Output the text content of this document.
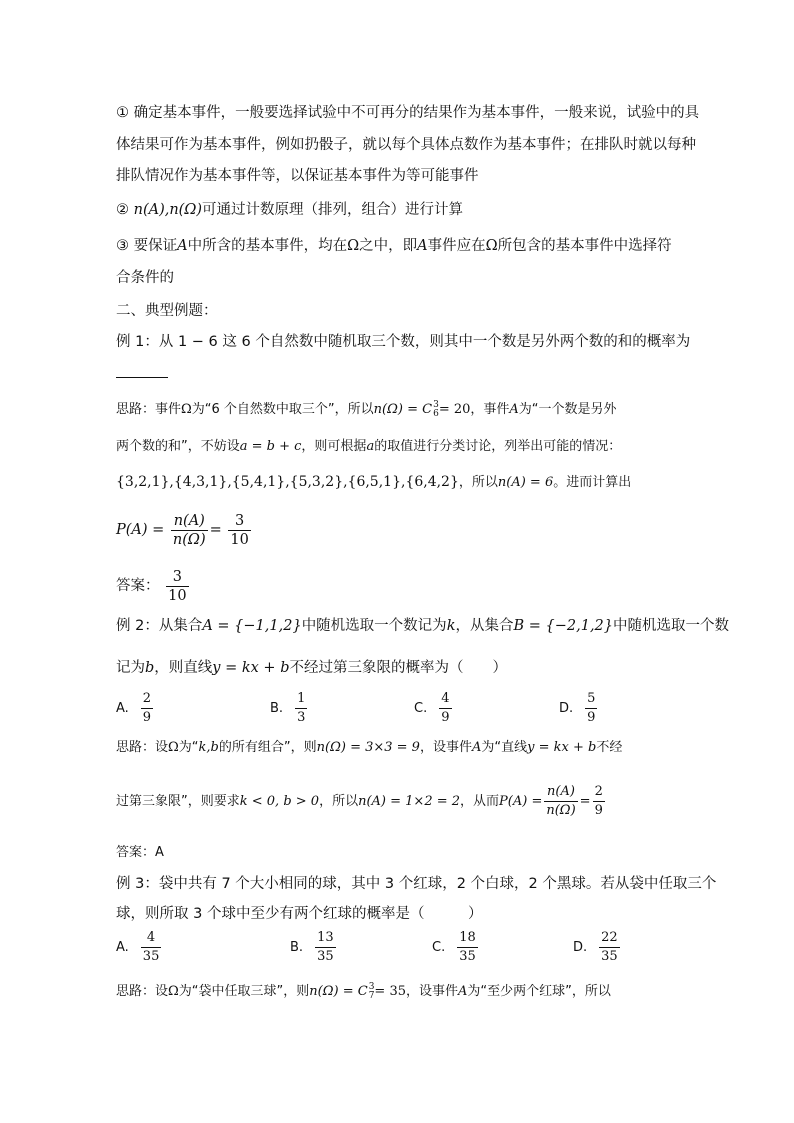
① 确定基本事件，一般要选择试验中不可再分的结果作为基本事件，一般来说，试验中的具
体结果可作为基本事件，例如扔骰子，就以每个具体点数作为基本事件；在排队时就以每种
排队情况作为基本事件等，以保证基本事件为等可能事件
② n(A),n(Ω)可通过计数原理（排列，组合）进行计算
③ 要保证A中所含的基本事件，均在Ω之中，即A事件应在Ω所包含的基本事件中选择符
合条件的
二、典型例题：
例 1：从 1 − 6 这 6 个自然数中随机取三个数，则其中一个数是另外两个数的和的概率为
思路：事件Ω为“6 个自然数中取三个”，所以n(Ω) = C 3
6 = 20，事件A为“一个数是另外
两个数的和”，不妨设a = b + c，则可根据a的取值进行分类讨论，列举出可能的情况：
{3,2,1},{4,3,1},{5,4,1},{5,3,2},{6,5,1},{6,4,2}，所以n(A) = 6。进而计算出
$P(A) = \frac{n(A)}{n(\Omega)} = \frac{3}{10}$
答案： $\frac{3}{10}$
例 2：从集合A = {−1,1,2}中随机选取一个数记为k，从集合B = {−2,1,2}中随机选取一个数
记为b，则直线y = kx + b不经过第三象限的概率为（　　）
A. $\frac{2}{9}$	B. $\frac{1}{3}$	C. $\frac{4}{9}$	D. $\frac{5}{9}$
思路：设Ω为“k,b的所有组合”，则n(Ω) = 3×3 = 9，设事件A为“直线y = kx + b不经
过第三象限”，则要求k < 0, b > 0，所以n(A) = 1×2 = 2，从而$P(A) = \frac{n(A)}{n(\Omega)} = \frac{2}{9}$
答案：A
例 3：袋中共有 7 个大小相同的球，其中 3 个红球，2 个白球，2 个黑球。若从袋中任取三个
球，则所取 3 个球中至少有两个红球的概率是（　　　）
A. $\frac{4}{35}$	B. $\frac{13}{35}$	C. $\frac{18}{35}$	D. $\frac{22}{35}$
思路：设Ω为“袋中任取三球”，则n(Ω) = C 3
7 = 35，设事件A为“至少两个红球”，所以
